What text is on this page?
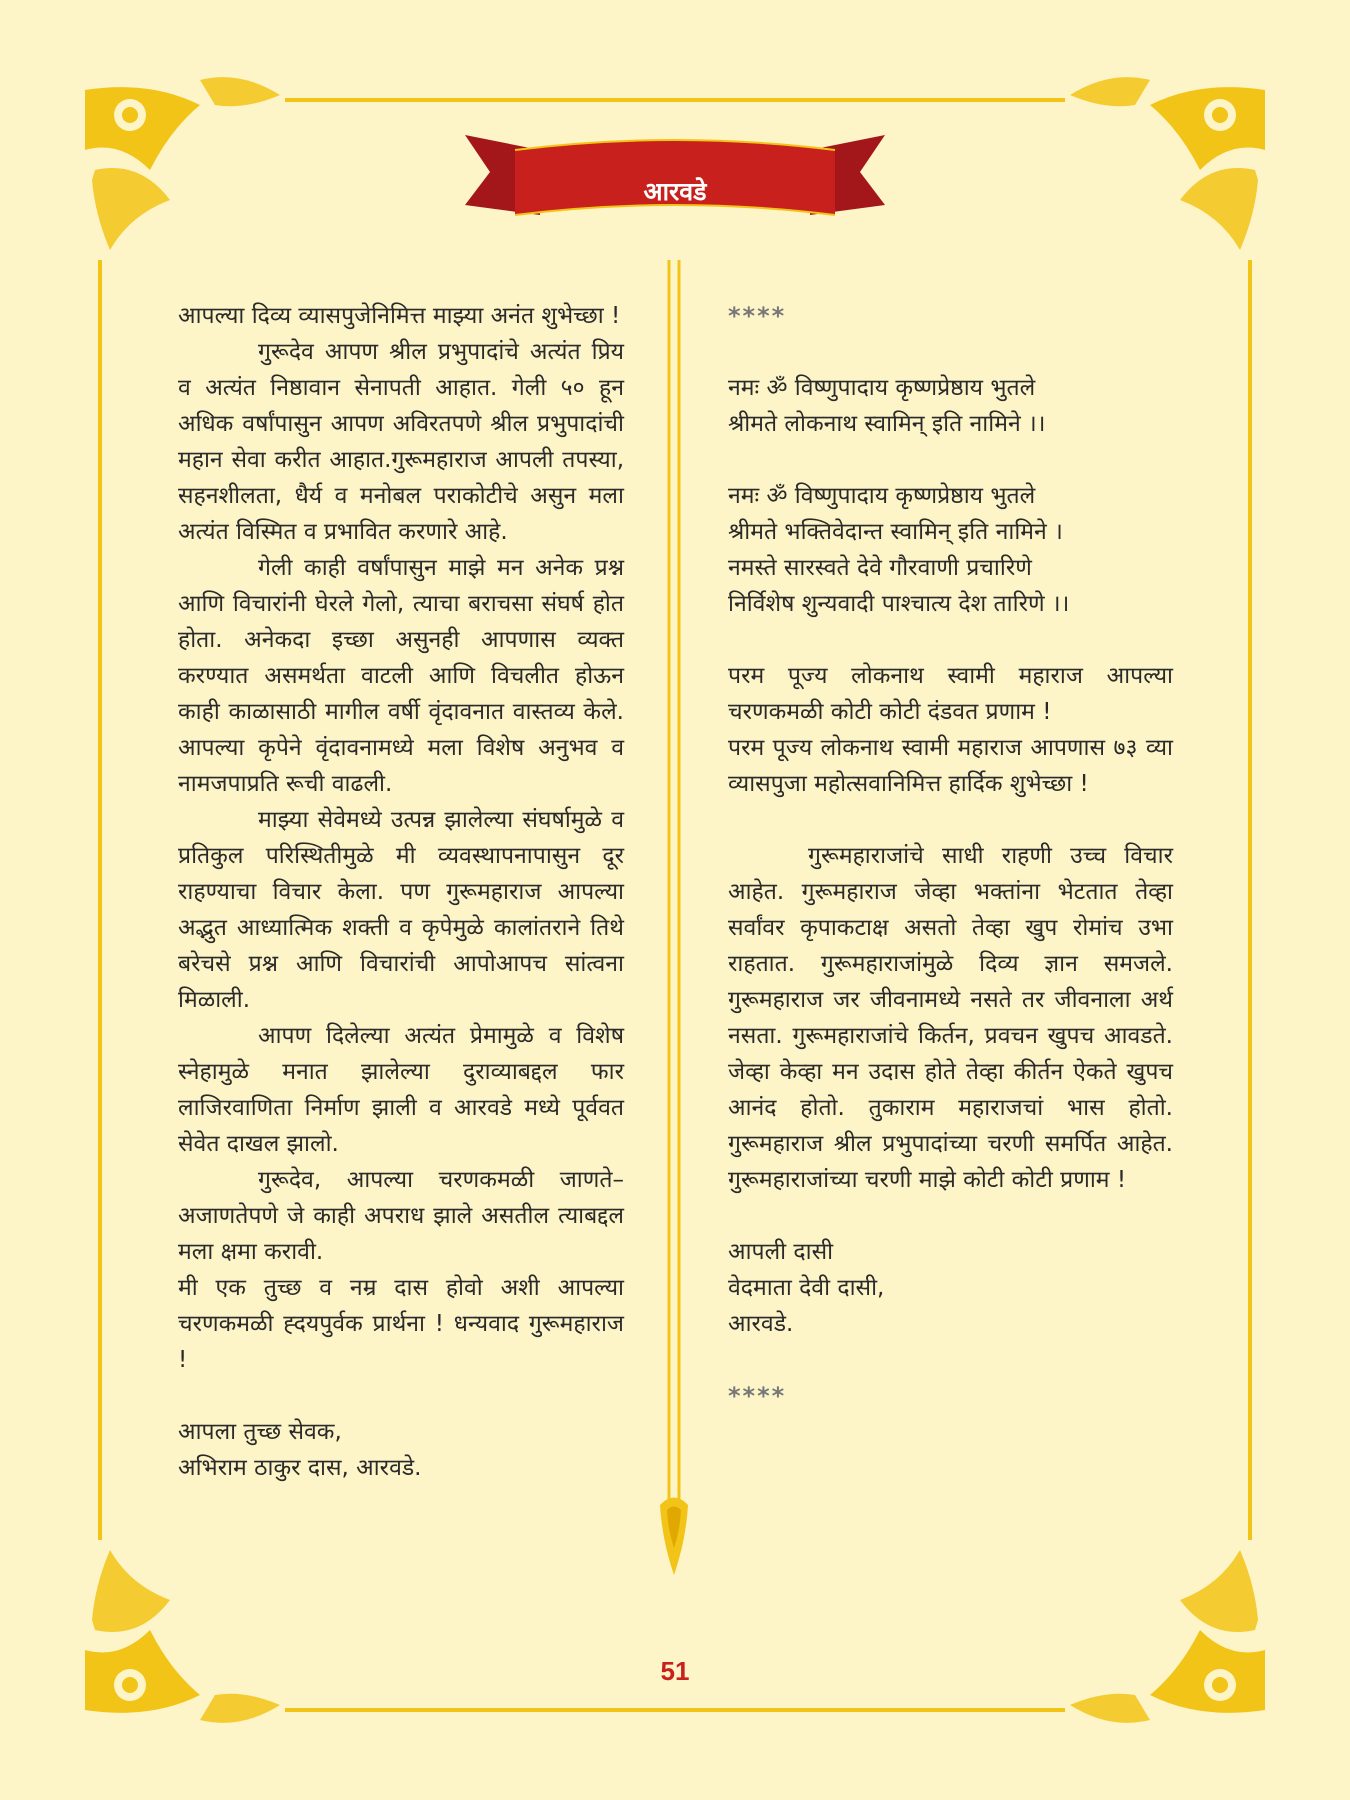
आरवडे

आपल्या दिव्य व्यासपुजेनिमित्त माझ्या अनंत शुभेच्छा !

गुरूदेव आपण श्रील प्रभुपादांचे अत्यंत प्रिय व अत्यंत निष्ठावान सेनापती आहात. गेली ५० हून अधिक वर्षांपासुन आपण अविरतपणे श्रील प्रभुपादांची महान सेवा करीत आहात.गुरूमहाराज आपली तपस्या, सहनशीलता, धैर्य व मनोबल पराकोटीचे असुन मला अत्यंत विस्मित व प्रभावित करणारे आहे.

गेली काही वर्षांपासुन माझे मन अनेक प्रश्न आणि विचारांनी घेरले गेलो, त्याचा बराचसा संघर्ष होत होता. अनेकदा इच्छा असुनही आपणास व्यक्त करण्यात असमर्थता वाटली आणि विचलीत होऊन काही काळासाठी मागील वर्षी वृंदावनात वास्तव्य केले. आपल्या कृपेने वृंदावनामध्ये मला विशेष अनुभव व नामजपाप्रति रूची वाढली.

माझ्या सेवेमध्ये उत्पन्न झालेल्या संघर्षामुळे व प्रतिकुल परिस्थितीमुळे मी व्यवस्थापनापासुन दूर राहण्याचा विचार केला. पण गुरूमहाराज आपल्या अद्भुत आध्यात्मिक शक्ती व कृपेमुळे कालांतराने तिथे बरेचसे प्रश्न आणि विचारांची आपोआपच सांत्वना मिळाली.

आपण दिलेल्या अत्यंत प्रेमामुळे व विशेष स्नेहामुळे मनात झालेल्या दुराव्याबद्दल फार लाजिरवाणिता निर्माण झाली व आरवडे मध्ये पूर्ववत सेवेत दाखल झालो.

गुरूदेव, आपल्या चरणकमळी जाणते–अजाणतेपणे जे काही अपराध झाले असतील त्याबद्दल मला क्षमा करावी.

मी एक तुच्छ व नम्र दास होवो अशी आपल्या चरणकमळी ह्दयपुर्वक प्रार्थना ! धन्यवाद गुरूमहाराज !

आपला तुच्छ सेवक,

अभिराम ठाकुर दास, आरवडे.

****

नमः ॐ विष्णुपादाय कृष्णप्रेष्ठाय भुतले

श्रीमते लोकनाथ स्वामिन् इति नामिने ।।

नमः ॐ विष्णुपादाय कृष्णप्रेष्ठाय भुतले

श्रीमते भक्तिवेदान्त स्वामिन् इति नामिने ।

नमस्ते सारस्वते देवे गौरवाणी प्रचारिणे

निर्विशेष शुन्यवादी पाश्चात्य देश तारिणे ।।

परम पूज्य लोकनाथ स्वामी महाराज आपल्या चरणकमळी कोटी कोटी दंडवत प्रणाम !

परम पूज्य लोकनाथ स्वामी महाराज आपणास ७३ व्या व्यासपुजा महोत्सवानिमित्त हार्दिक शुभेच्छा !

गुरूमहाराजांचे साधी राहणी उच्च विचार आहेत. गुरूमहाराज जेव्हा भक्तांना भेटतात तेव्हा सर्वांवर कृपाकटाक्ष असतो तेव्हा खुप रोमांच उभा राहतात. गुरूमहाराजांमुळे दिव्य ज्ञान समजले. गुरूमहाराज जर जीवनामध्ये नसते तर जीवनाला अर्थ नसता. गुरूमहाराजांचे किर्तन, प्रवचन खुपच आवडते. जेव्हा केव्हा मन उदास होते तेव्हा कीर्तन ऐकते खुपच आनंद होतो. तुकाराम महाराजचां भास होतो. गुरूमहाराज श्रील प्रभुपादांच्या चरणी समर्पित आहेत. गुरूमहाराजांच्या चरणी माझे कोटी कोटी प्रणाम !

आपली दासी

वेदमाता देवी दासी,

आरवडे.

****

51
